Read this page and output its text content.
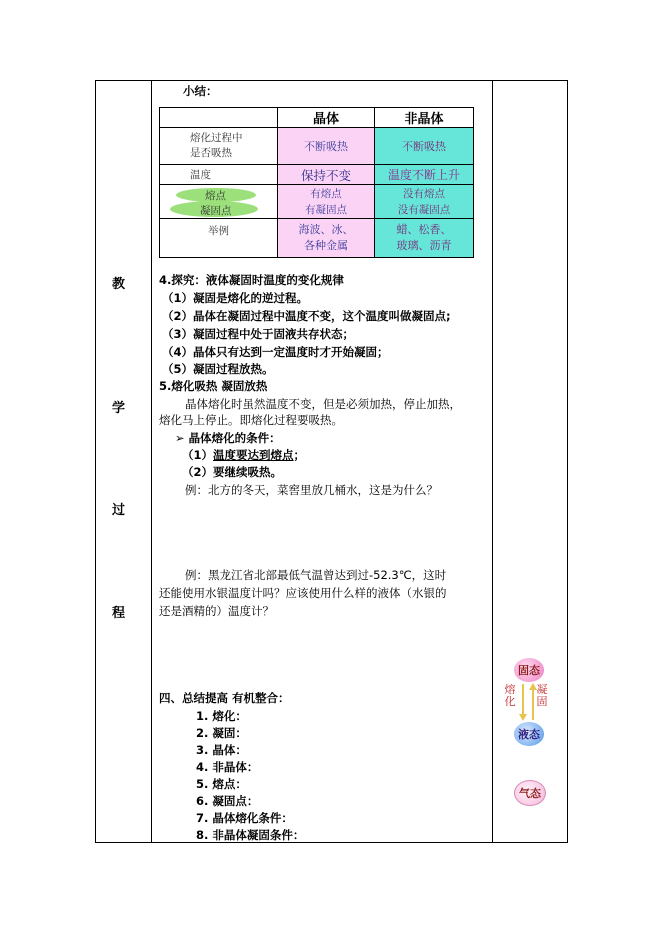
教
学
过
程
小结：
晶体	非晶体
熔化过程中
是否吸热
温度
熔点
凝固点
举例
不断吸热
保持不变
有熔点
有凝固点
海波、冰、
各种金属
不断吸热
温度不断上升
没有熔点
没有凝固点
蜡、松香、
玻璃、沥青
4.探究：液体凝固时温度的变化规律
（1）凝固是熔化的逆过程。
（2）晶体在凝固过程中温度不变，这个温度叫做凝固点;
（3）凝固过程中处于固液共存状态；
（4）晶体只有达到一定温度时才开始凝固；
（5）凝固过程放热。
5.熔化吸热 凝固放热
晶体熔化时虽然温度不变，但是必须加热，停止加热，
熔化马上停止。即熔化过程要吸热。
➢ 晶体熔化的条件：
（1）温度要达到熔点；
（2）要继续吸热。
例：北方的冬天，菜窖里放几桶水，这是为什么？
例：黑龙江省北部最低气温曾达到过-52.3℃，这时
还能使用水银温度计吗？应该使用什么样的液体（水银的
还是酒精的）温度计？
四、总结提高 有机整合：
1. 熔化：
2. 凝固：
3. 晶体：
4. 非晶体：
5. 熔点：
6. 凝固点：
7. 晶体熔化条件：
8. 非晶体凝固条件：
固态
熔化
凝固
液态
气态
